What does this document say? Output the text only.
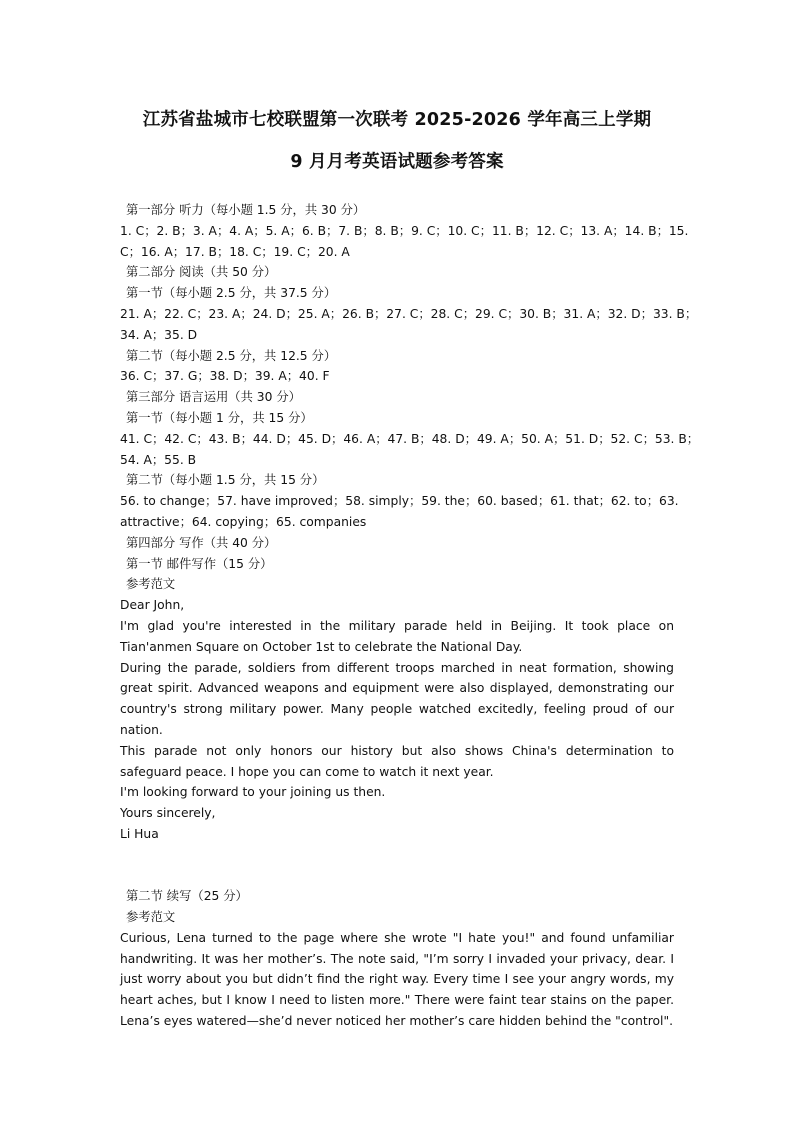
江苏省盐城市七校联盟第一次联考 2025-2026 学年高三上学期
9 月月考英语试题参考答案
第一部分 听力（每小题 1.5 分，共 30 分）
1. C；2. B；3. A；4. A；5. A；6. B；7. B；8. B；9. C；10. C；11. B；12. C；13. A；14. B；15.
C；16. A；17. B；18. C；19. C；20. A
第二部分 阅读（共 50 分）
第一节（每小题 2.5 分，共 37.5 分）
21. A；22. C；23. A；24. D；25. A；26. B；27. C；28. C；29. C；30. B；31. A；32. D；33. B；
34. A；35. D
第二节（每小题 2.5 分，共 12.5 分）
36. C；37. G；38. D；39. A；40. F
第三部分 语言运用（共 30 分）
第一节（每小题 1 分，共 15 分）
41. C；42. C；43. B；44. D；45. D；46. A；47. B；48. D；49. A；50. A；51. D；52. C；53. B；
54. A；55. B
第二节（每小题 1.5 分，共 15 分）
56. to change；57. have improved；58. simply；59. the；60. based；61. that；62. to；63.
attractive；64. copying；65. companies
第四部分 写作（共 40 分）
第一节 邮件写作（15 分）
参考范文
Dear John,
I'm glad you're interested in the military parade held in Beijing. It took place on Tian'anmen Square on October 1st to celebrate the National Day.
During the parade, soldiers from different troops marched in neat formation, showing great spirit. Advanced weapons and equipment were also displayed, demonstrating our country's strong military power. Many people watched excitedly, feeling proud of our nation.
This parade not only honors our history but also shows China's determination to safeguard peace. I hope you can come to watch it next year.
I'm looking forward to your joining us then.
Yours sincerely,
Li Hua
第二节 续写（25 分）
参考范文
Curious, Lena turned to the page where she wrote "I hate you!" and found unfamiliar handwriting. It was her mother’s. The note said, "I’m sorry I invaded your privacy, dear. I just worry about you but didn’t find the right way. Every time I see your angry words, my heart aches, but I know I need to listen more." There were faint tear stains on the paper. Lena’s eyes watered—she’d never noticed her mother’s care hidden behind the "control".
